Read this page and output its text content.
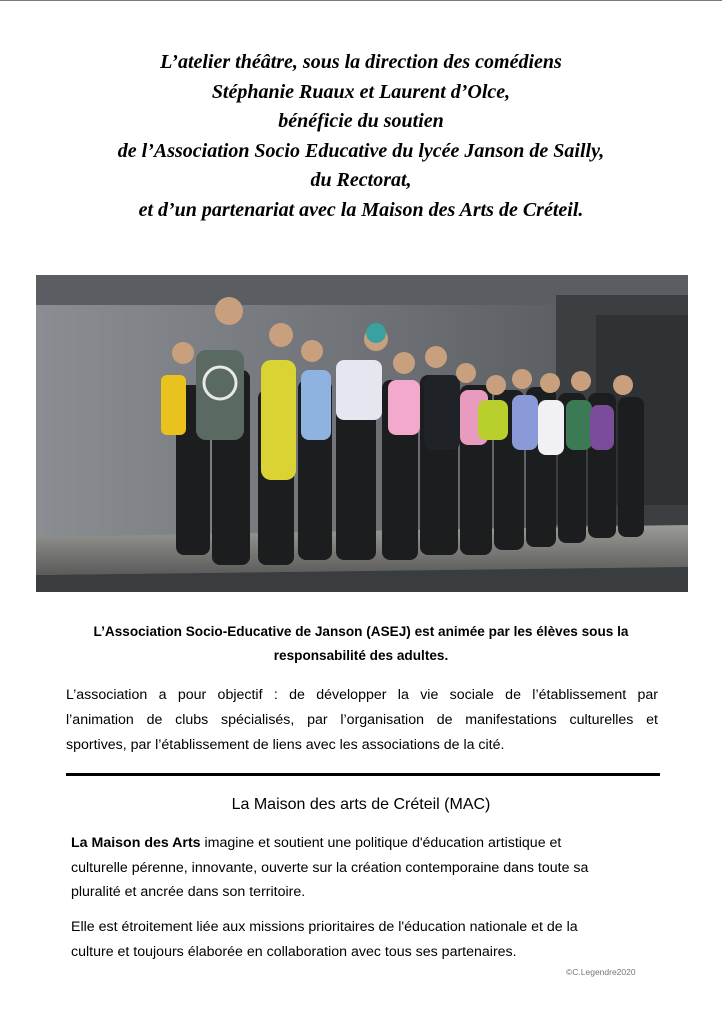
L’atelier théâtre, sous la direction des comédiens
Stéphanie Ruaux et Laurent d’Olce,
bénéficie du soutien
de l’Association Socio Educative du lycée Janson de Sailly,
du Rectorat,
et d’un partenariat avec la Maison des Arts de Créteil.
L’Association Socio-Educative de Janson (ASEJ) est animée par les élèves sous la
responsabilité des adultes.
L’association a pour objectif : de développer la vie sociale de l’établissement par
l’animation de clubs spécialisés, par l’organisation de manifestations culturelles et
sportives, par l’établissement de liens avec les associations de la cité.
La Maison des arts de Créteil (MAC)
La Maison des Arts imagine et soutient une politique d'éducation artistique et
culturelle pérenne, innovante, ouverte sur la création contemporaine dans toute sa
pluralité et ancrée dans son territoire.
Elle est étroitement liée aux missions prioritaires de l'éducation nationale et de la
culture et toujours élaborée en collaboration avec tous ses partenaires.
©C.Legendre2020
